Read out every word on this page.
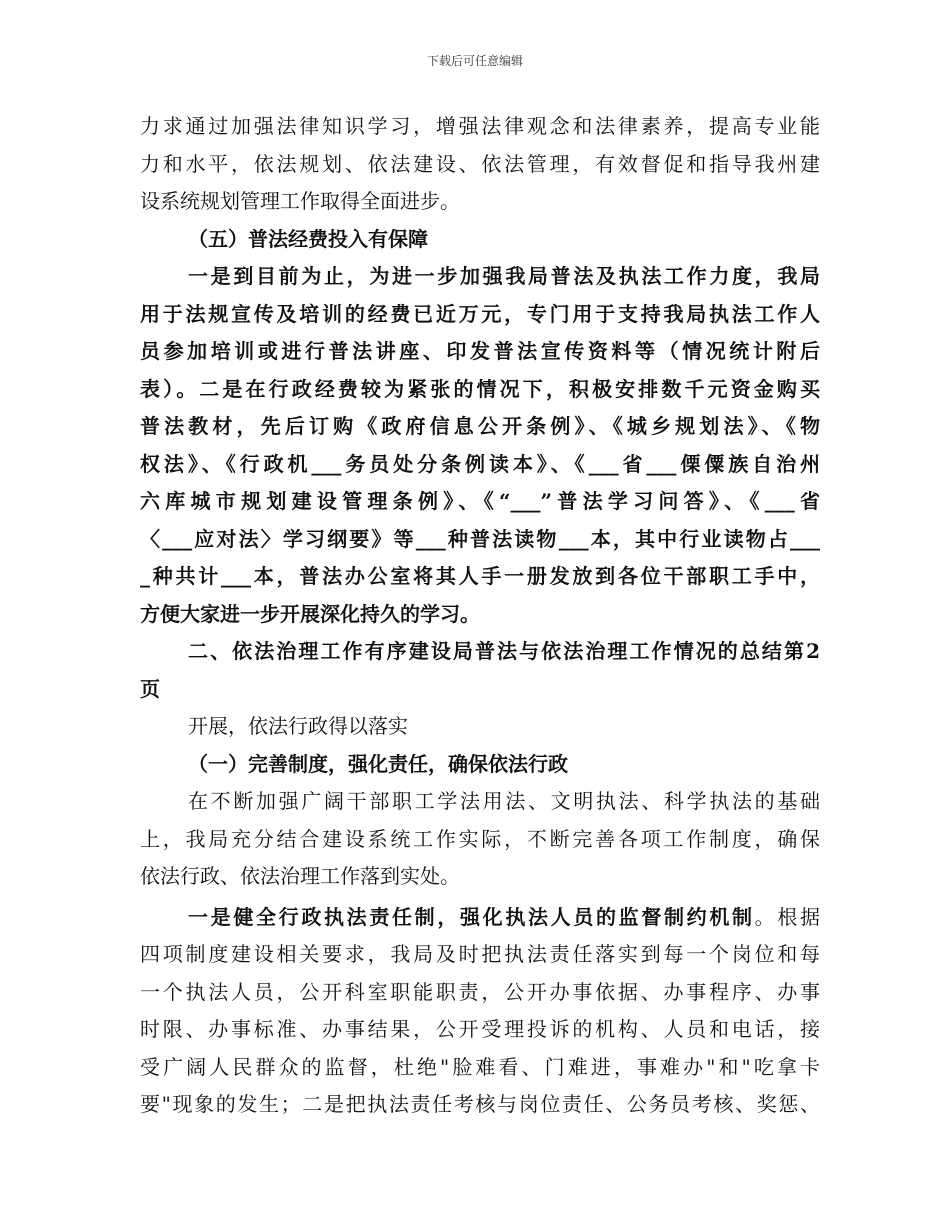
下载后可任意编辑
力求通过加强法律知识学习，增强法律观念和法律素养，提高专业能
力和水平，依法规划、依法建设、依法管理，有效督促和指导我州建
设系统规划管理工作取得全面进步。
（五）普法经费投入有保障
一是到目前为止，为进一步加强我局普法及执法工作力度，我局
用于法规宣传及培训的经费已近万元，专门用于支持我局执法工作人
员参加培训或进行普法讲座、印发普法宣传资料等（情况统计附后
表）。二是在行政经费较为紧张的情况下，积极安排数千元资金购买
普法教材，先后订购《政府信息公开条例》、《城乡规划法》、《物
权法》、《行政机___务员处分条例读本》、《___省___傈僳族自治州
六库城市规划建设管理条例》、《“___”普法学习问答》、《___省
〈___应对法〉学习纲要》等___种普法读物___本，其中行业读物占___
_种共计___本，普法办公室将其人手一册发放到各位干部职工手中，
方便大家进一步开展深化持久的学习。
二、依法治理工作有序建设局普法与依法治理工作情况的总结第2
页
开展，依法行政得以落实
（一）完善制度，强化责任，确保依法行政
在不断加强广阔干部职工学法用法、文明执法、科学执法的基础
上，我局充分结合建设系统工作实际，不断完善各项工作制度，确保
依法行政、依法治理工作落到实处。
一是健全行政执法责任制，强化执法人员的监督制约机制。根据
四项制度建设相关要求，我局及时把执法责任落实到每一个岗位和每
一个执法人员，公开科室职能职责，公开办事依据、办事程序、办事
时限、办事标准、办事结果，公开受理投诉的机构、人员和电话，接
受广阔人民群众的监督，杜绝"脸难看、门难进，事难办"和"吃拿卡
要"现象的发生；二是把执法责任考核与岗位责任、公务员考核、奖惩、
